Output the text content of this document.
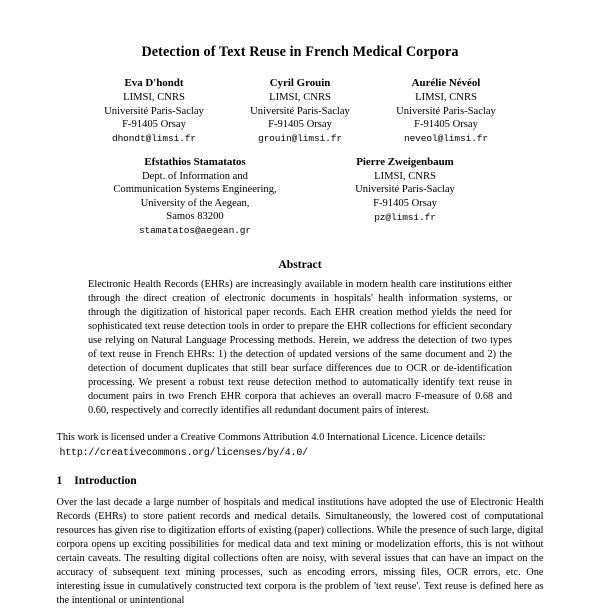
Detection of Text Reuse in French Medical Corpora
Eva D'hondt
LIMSI, CNRS
Université Paris-Saclay
F-91405 Orsay
dhondt@limsi.fr
Cyril Grouin
LIMSI, CNRS
Université Paris-Saclay
F-91405 Orsay
grouin@limsi.fr
Aurélie Névéol
LIMSI, CNRS
Université Paris-Saclay
F-91405 Orsay
neveol@limsi.fr
Efstathios Stamatatos
Dept. of Information and
Communication Systems Engineering,
University of the Aegean,
Samos 83200
stamatatos@aegean.gr
Pierre Zweigenbaum
LIMSI, CNRS
Université Paris-Saclay
F-91405 Orsay
pz@limsi.fr
Abstract

Electronic Health Records (EHRs) are increasingly available in modern health care institutions either through the direct creation of electronic documents in hospitals' health information systems, or through the digitization of historical paper records. Each EHR creation method yields the need for sophisticated text reuse detection tools in order to prepare the EHR collections for efficient secondary use relying on Natural Language Processing methods. Herein, we address the detection of two types of text reuse in French EHRs: 1) the detection of updated versions of the same document and 2) the detection of document duplicates that still bear surface differences due to OCR or de-identification processing. We present a robust text reuse detection method to automatically identify text reuse in document pairs in two French EHR corpora that achieves an overall macro F-measure of 0.68 and 0.60, respectively and correctly identifies all redundant document pairs of interest.

This work is licensed under a Creative Commons Attribution 4.0 International Licence. Licence details:
http://creativecommons.org/licenses/by/4.0/
1 Introduction

Over the last decade a large number of hospitals and medical institutions have adopted the use of Electronic Health Records (EHRs) to store patient records and medical details. Simultaneously, the lowered cost of computational resources has given rise to digitization efforts of existing (paper) collections. While the presence of such large, digital corpora opens up exciting possibilities for medical data and text mining or modelization efforts, this is not without certain caveats. The resulting digital collections often are noisy, with several issues that can have an impact on the accuracy of subsequent text mining processes, such as encoding errors, missing files, OCR errors, etc. One interesting issue in cumulatively constructed text corpora is the problem of 'text reuse'. Text reuse is defined here as the intentional or unintentional
